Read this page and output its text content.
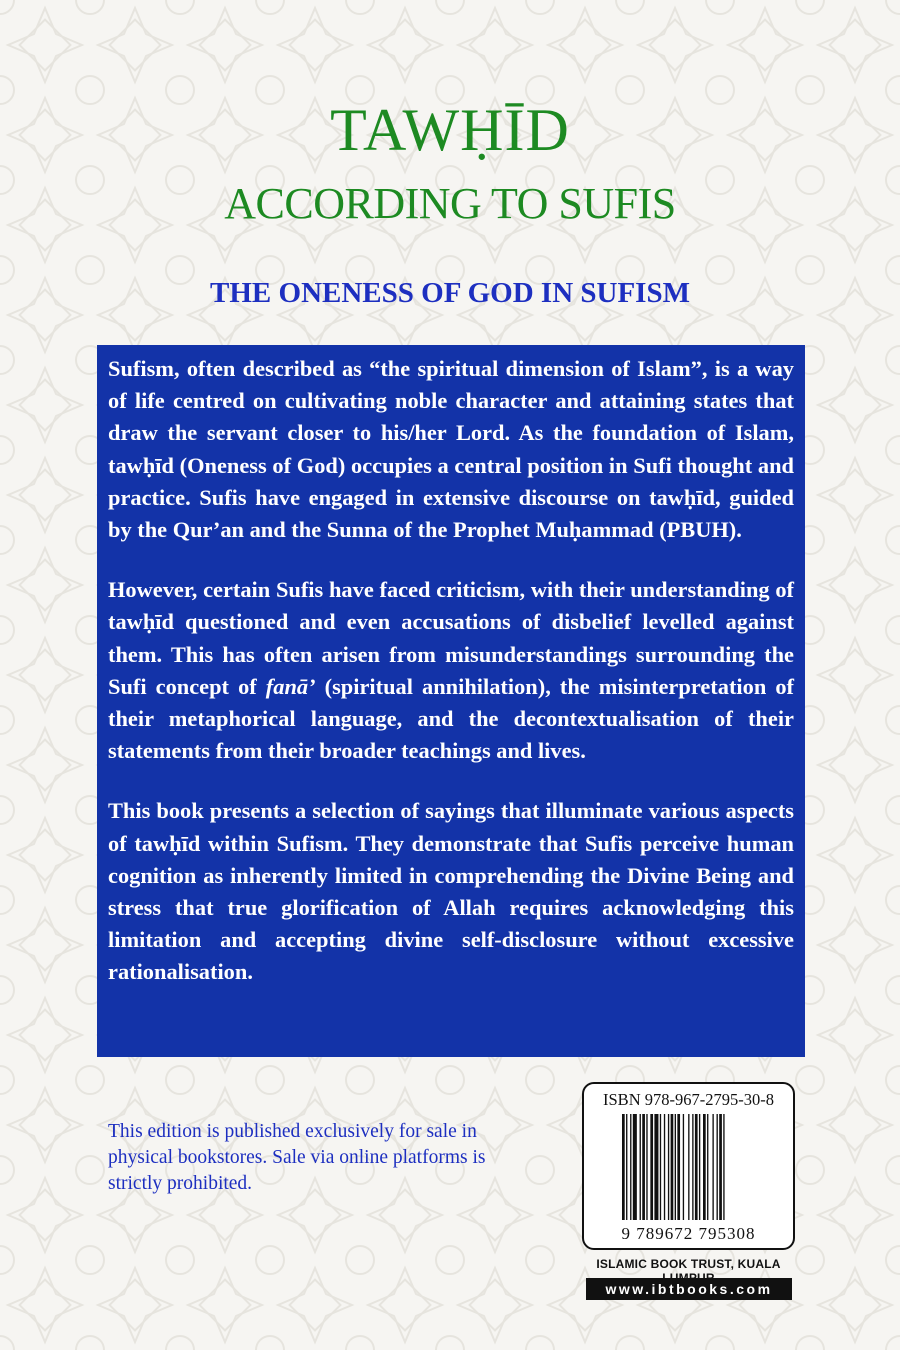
TAWḤĪD
ACCORDING TO SUFIS
THE ONENESS OF GOD IN SUFISM

Sufism, often described as “the spiritual dimension of Islam”, is a way of life centred on cultivating noble character and attaining states that draw the servant closer to his/her Lord. As the foundation of Islam, tawḥīd (Oneness of God) occupies a central position in Sufi thought and practice. Sufis have engaged in extensive discourse on tawḥīd, guided by the Qur’an and the Sunna of the Prophet Muḥammad (PBUH).

However, certain Sufis have faced criticism, with their understanding of tawḥīd questioned and even accusations of disbelief levelled against them. This has often arisen from misunderstandings surrounding the Sufi concept of fanā’ (spiritual annihilation), the misinterpretation of their metaphorical language, and the decontextualisation of their statements from their broader teachings and lives.

This book presents a selection of sayings that illuminate various aspects of tawḥīd within Sufism. They demonstrate that Sufis perceive human cognition as inherently limited in comprehending the Divine Being and stress that true glorification of Allah requires acknowledging this limitation and accepting divine self-disclosure without excessive rationalisation.

This edition is published exclusively for sale in physical bookstores. Sale via online platforms is strictly prohibited.

ISBN 978-967-2795-30-8
9 789672 795308
ISLAMIC BOOK TRUST, KUALA
www.ibtbooks.com
